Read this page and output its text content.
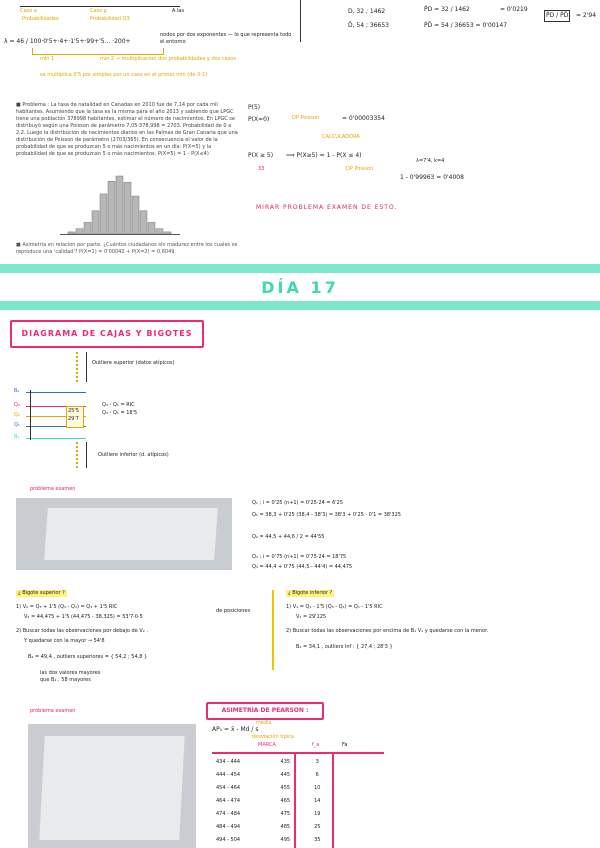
Caso a	Caso p	A las
Probabilidades	Probabilidad Q3
λ = 46 / 100·0'5+·4+·1'5+·99+'5... ·200+
nodos por dos exponentes — lo que representa todo el entorno
min 1	min 2 → multiplicacion dos probabilidades y dos casos
se multiplica 0'5 por simples por un caso en el primer min (de 0-1)
D, 32 ; 1462
D̄, 54 ; 36653
P̂D = 32 / 1462
P̂D̄ = 54 / 36653 = 0'00147
= 0'0219
P̂D / P̂D̄	= 2'94
■ Problema : La tasa de natalidad en Canadas en 2010 fue de 7,14 por cada mil habitantes. Asumiendo que la tasa es la misma para el año 2013 y sabiendo que LPGC tiene una población 378998 habitantes, estimar el número de nacimientos. En LPGC se distribuyó según una Poisson de parámetro 7,05·378,998 = 2703. Probabilidad de 0 a 2,2. Luego la distribución de nacimientos diarios en las Palmas de Gran Canaria que una distribución de Poisson de parámetro (2703/365). En consecuencia el valor de la probabilidad de que se produzcan 5 o más nacimientos en un día: P(X=5) y la probabilidad de que se produzcan 5 o más nacimientos. P(X=5) = 1 - P(X≤4)
■ Asimetria en relación por parte. ¿Cuántos ciudadanos sin madurez entre los cuales se reproduce una 'calidad'? P(X=1) = 0'00042 + P(X=2) = 0,6049
P(5)
P(X=0)	DP Poisson	= 0'00003354
CALCULADORA
P(X ≥ 5) ⟹ P(X≥5) = 1 - P(X ≤ 4)
DP Poisson
λ=7'4, k=4
1 - 0'99963 = 0'4008
33
MIRAR PROBLEMA EXAMEN DE ESTO.
DÍA 17
DIAGRAMA DE CAJAS Y BIGOTES
Outliere superior (datos atípicos)
25'5
29'7
B₂
Q₃
Q₂
Q₁
B₁
Q₃ - Q₁ = RIC
Q₃ - Q₁ = 18'5
Outliere inferior (d. atípicos)
problema examen
Q₁ ; i = 0'25 (n+1) = 0'25·24 = 6'25
Q₁ = 38,3 + 0'25 (38,4 - 38'3) = 38'3 + 0'25 · 0'1 = 38'325
Q₂ = 44,5 + 44,6 / 2 = 44'55
Q₃ ; i = 0'75 (n+1) = 0'75·24 = 18'75
Q₃ = 44,4 + 0'75 (44,5 - 44'4) = 44,475
¿ Bigote superior ?
1) V₂ = Q₃ + 1'5 (Q₃ - Q₁) = Q₃ + 1'5 RIC
V₂ = 44,475 + 1'5 (44,475 - 38,325) = 53'7·0·5
de posiciones
2) Buscar todas las observaciones por debajo de V₂ .
Y quedarse con la mayor → 54'8
B₂ = 49,4 , outliers superiores = { 54,2 ; 54,8 }
las dos valores mayores que B₂ ; 58 mayores
¿ Bigote inferior ?
1) V₁ = Q₁ - 1'5 (Q₃ - Q₁) = Q₁ - 1'5 RIC
V₁ = 29'125
2) Buscar todas las observaciones por encima de B₁ V₁ y quedarse con la menor.
B₁ = 34,1 , outliers inf : { 27,4 ; 28'3 }
problema examen	ASIMETRÍA DE PEARSON :
media
AP₁ = x̄ - Md / s
desviación típica
MARCA	f_a	Fa
434 - 444	435	3
444 - 454	445	6
454 - 464	455	10
464 - 474	465	14
474 - 484	475	19
484 - 494	485	25
494 - 504	495	35
